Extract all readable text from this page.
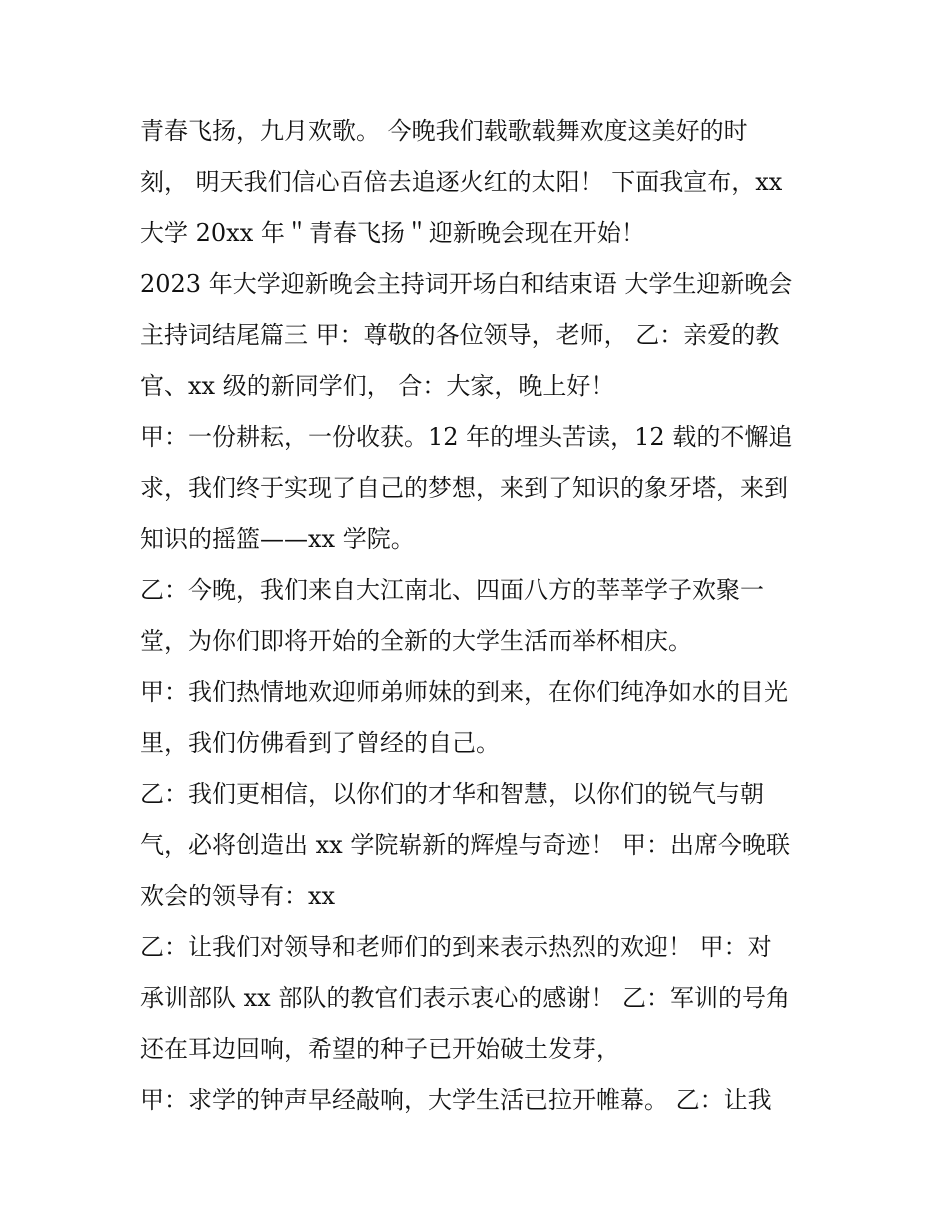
青春飞扬，九月欢歌。 今晚我们载歌载舞欢度这美好的时
刻， 明天我们信心百倍去追逐火红的太阳！ 下面我宣布，xx
大学 20xx 年＂青春飞扬＂迎新晚会现在开始！
2023 年大学迎新晚会主持词开场白和结束语 大学生迎新晚会
主持词结尾篇三 甲：尊敬的各位领导，老师， 乙：亲爱的教
官、xx 级的新同学们， 合：大家，晚上好！
甲：一份耕耘，一份收获。12 年的埋头苦读，12 载的不懈追
求，我们终于实现了自己的梦想，来到了知识的象牙塔，来到
知识的摇篮——xx 学院。
乙：今晚，我们来自大江南北、四面八方的莘莘学子欢聚一
堂，为你们即将开始的全新的大学生活而举杯相庆。
甲：我们热情地欢迎师弟师妹的到来，在你们纯净如水的目光
里，我们仿佛看到了曾经的自己。
乙：我们更相信，以你们的才华和智慧，以你们的锐气与朝
气，必将创造出 xx 学院崭新的辉煌与奇迹！ 甲：出席今晚联
欢会的领导有：xx
乙：让我们对领导和老师们的到来表示热烈的欢迎！ 甲：对
承训部队 xx 部队的教官们表示衷心的感谢！ 乙：军训的号角
还在耳边回响，希望的种子已开始破土发芽，
甲：求学的钟声早经敲响，大学生活已拉开帷幕。 乙：让我
